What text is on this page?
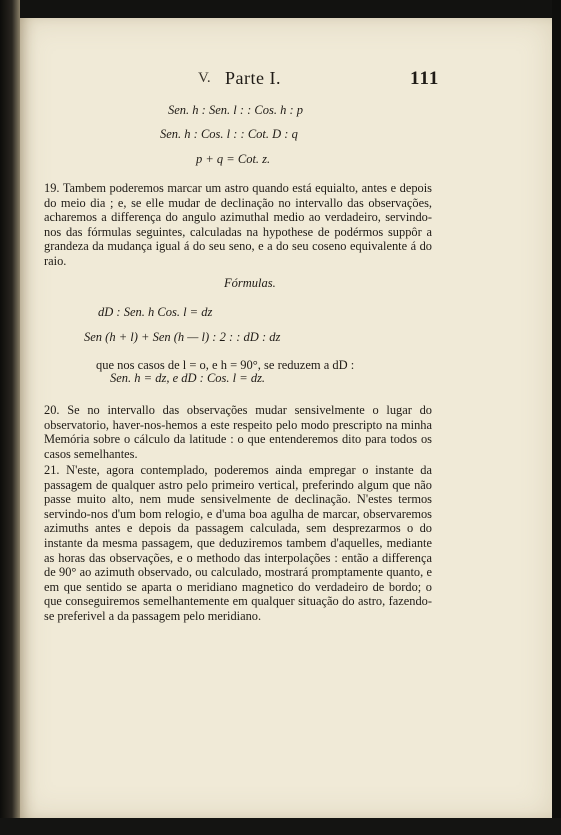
V. Parte I.	111
Sen. h : Sen. l : : Cos. h : p
Sen. h : Cos. l : : Cot. D : q
p + q = Cot. z.
19. Tambem poderemos marcar um astro quando está equialto, antes e depois do meio dia ; e, se elle mudar de declinação no intervallo das observações, acharemos a differença do angulo azimuthal medio ao verdadeiro, servindo-nos das fórmulas seguintes, calculadas na hypothese de podérmos suppôr a grandeza da mudança igual á do seu seno, e a do seu coseno equivalente á do raio.
Fórmulas.
dD : Sen. h Cos. l = dz
Sen (h + l) + Sen (h — l) : 2 : : dD : dz
que nos casos de l = o, e h = 90°, se reduzem a dD :
Sen. h = dz, e dD : Cos. l = dz.
20. Se no intervallo das observações mudar sensivelmente o lugar do observatorio, haver-nos-hemos a este respeito pelo modo prescripto na minha Memória sobre o cálculo da latitude : o que entenderemos dito para todos os casos semelhantes.
21. N'este, agora contemplado, poderemos ainda empregar o instante da passagem de qualquer astro pelo primeiro vertical, preferindo algum que não passe muito alto, nem mude sensivelmente de declinação. N'estes termos servindo-nos d'um bom relogio, e d'uma boa agulha de marcar, observaremos azimuths antes e depois da passagem calculada, sem desprezarmos o do instante da mesma passagem, que deduziremos tambem d'aquelles, mediante as horas das observações, e o methodo das interpolações : então a differença de 90° ao azimuth observado, ou calculado, mostrará promptamente quanto, e em que sentido se aparta o meridiano magnetico do verdadeiro de bordo; o que conseguiremos semelhantemente em qualquer situação do astro, fazendo-se preferivel a da passagem pelo meridiano.
